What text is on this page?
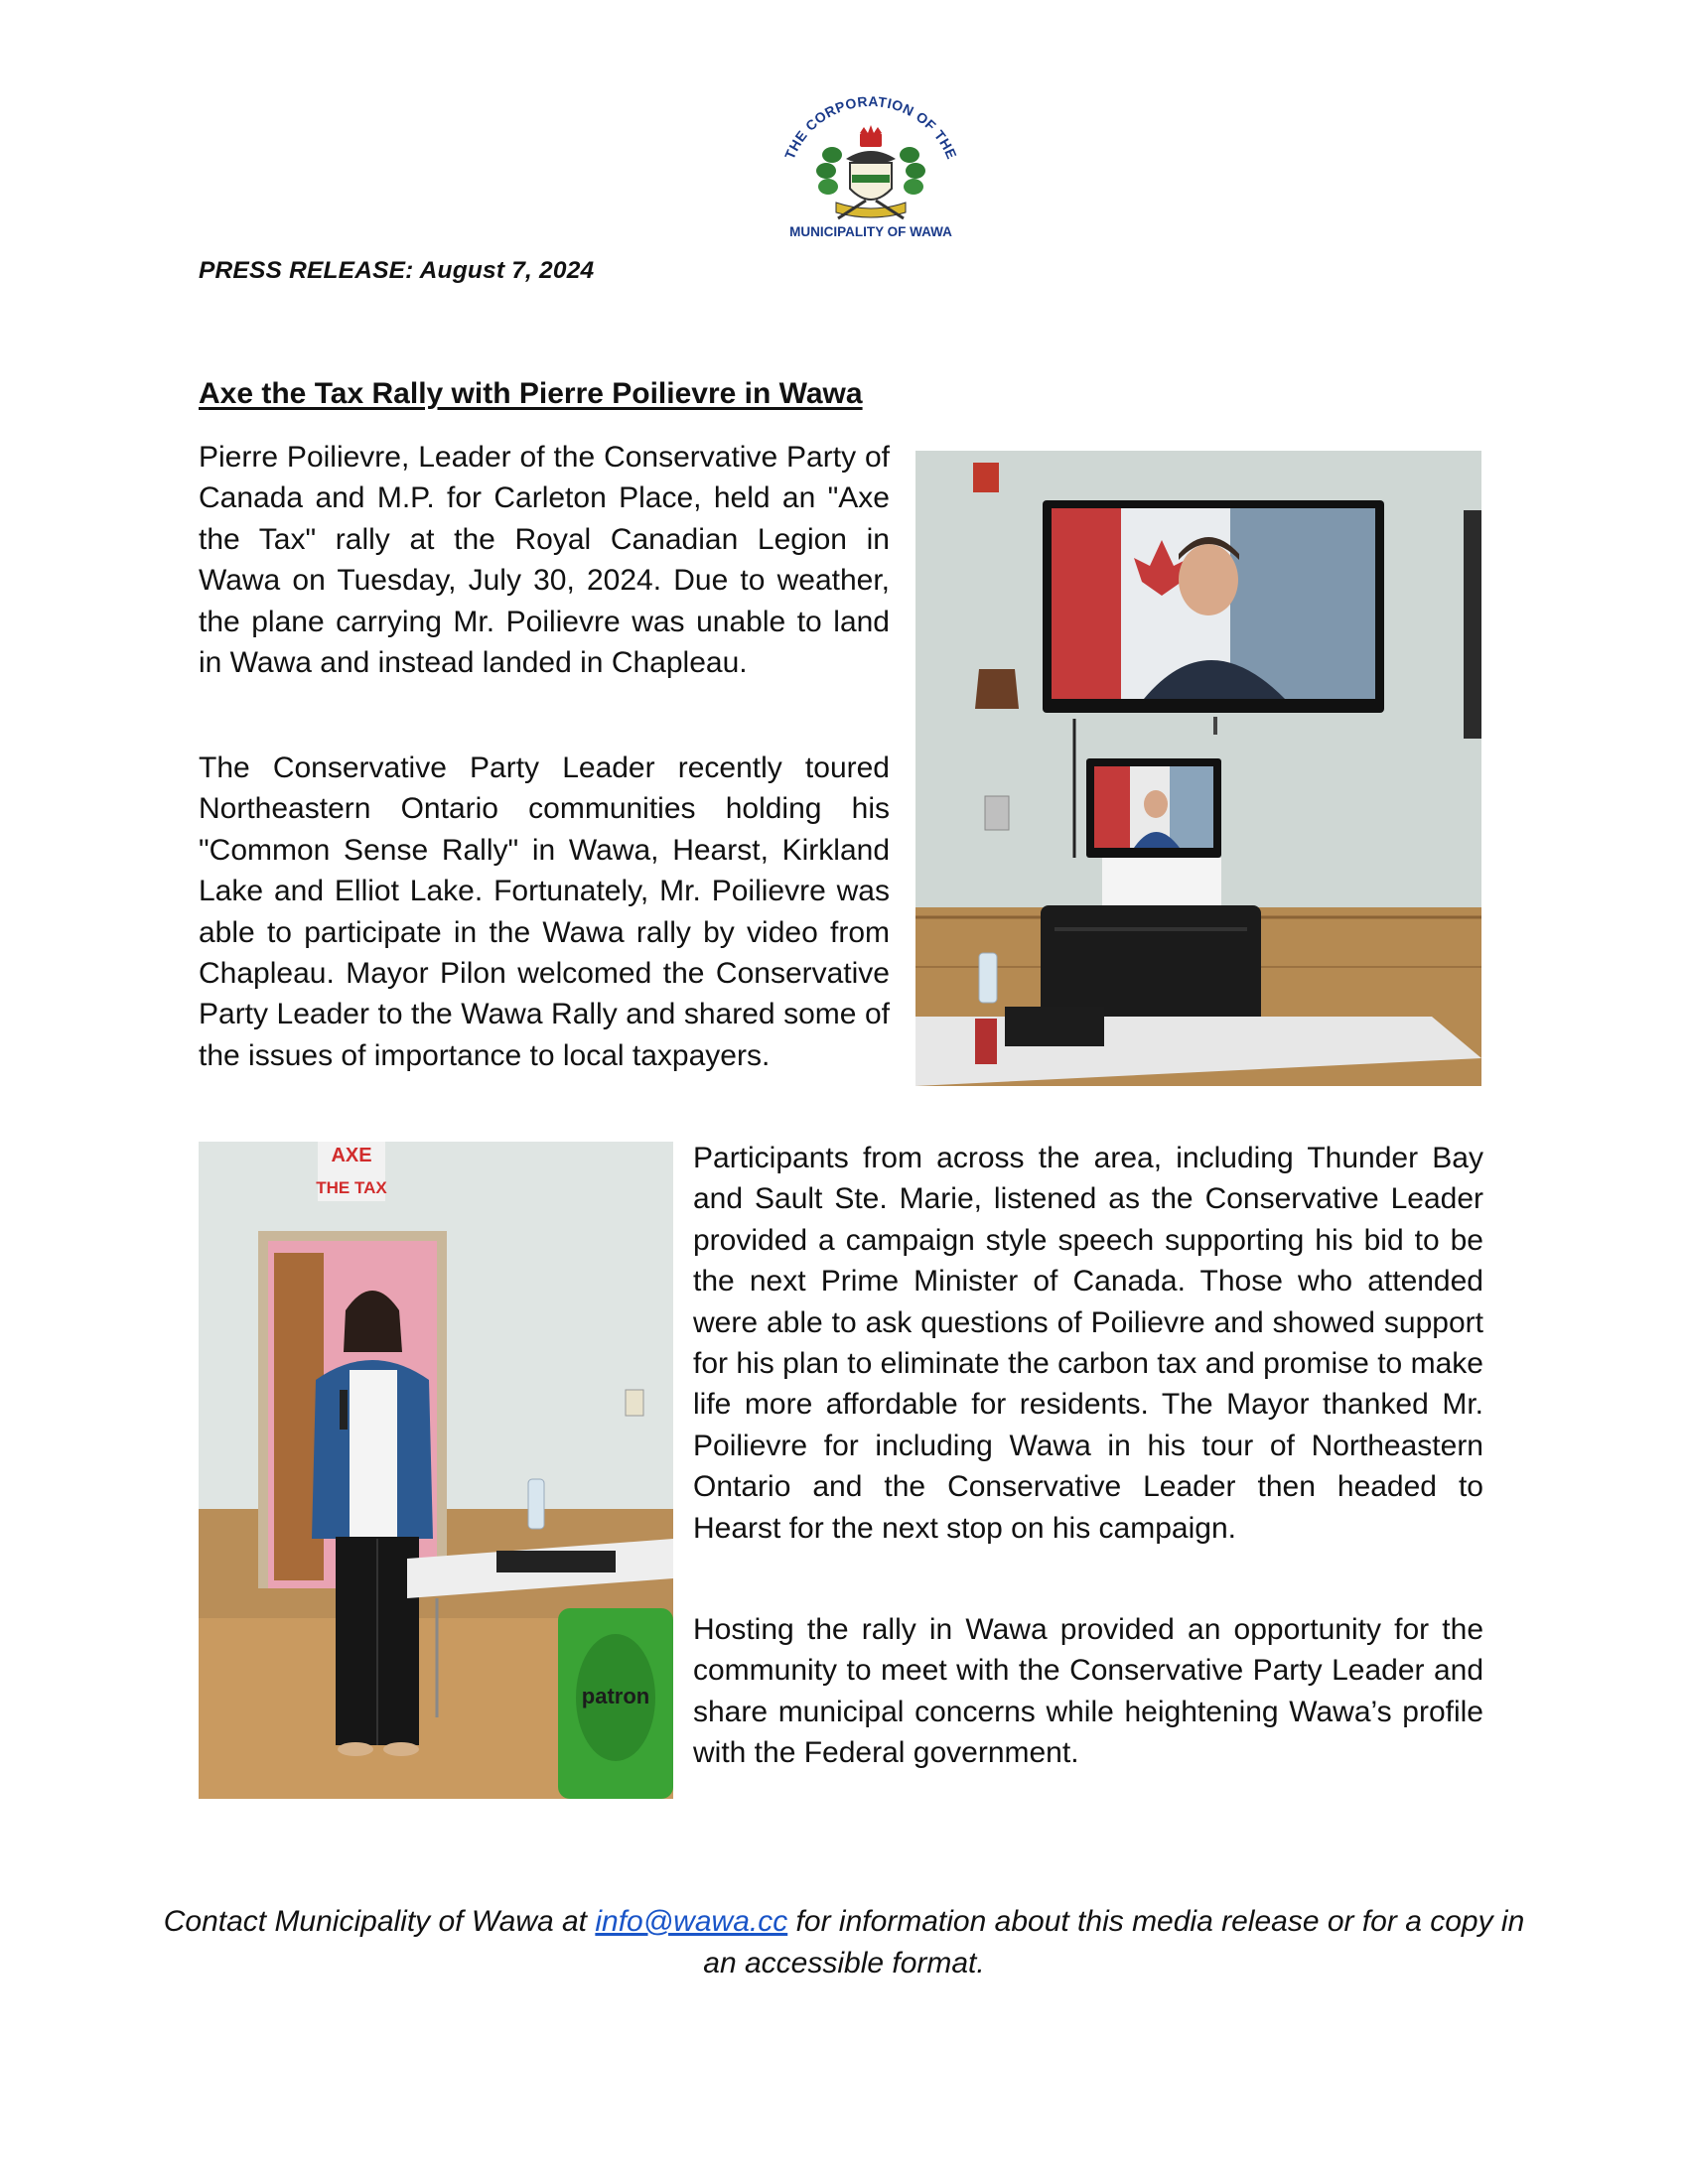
THE CORPORATION OF THE
MUNICIPALITY OF WAWA
PRESS RELEASE: August 7, 2024
Axe the Tax Rally with Pierre Poilievre in Wawa

Pierre Poilievre, Leader of the Conservative Party of Canada and M.P. for Carleton Place, held an "Axe the Tax" rally at the Royal Canadian Legion in Wawa on Tuesday, July 30, 2024. Due to weather, the plane carrying Mr. Poilievre was unable to land in Wawa and instead landed in Chapleau.

The Conservative Party Leader recently toured Northeastern Ontario communities holding his "Common Sense Rally" in Wawa, Hearst, Kirkland Lake and Elliot Lake. Fortunately, Mr. Poilievre was able to participate in the Wawa rally by video from Chapleau. Mayor Pilon welcomed the Conservative Party Leader to the Wawa Rally and shared some of the issues of importance to local taxpayers.

AXE
THE TAX
patron

Participants from across the area, including Thunder Bay and Sault Ste. Marie, listened as the Conservative Leader provided a campaign style speech supporting his bid to be the next Prime Minister of Canada. Those who attended were able to ask questions of Poilievre and showed support for his plan to eliminate the carbon tax and promise to make life more affordable for residents. The Mayor thanked Mr. Poilievre for including Wawa in his tour of Northeastern Ontario and the Conservative Leader then headed to Hearst for the next stop on his campaign.

Hosting the rally in Wawa provided an opportunity for the community to meet with the Conservative Party Leader and share municipal concerns while heightening Wawa’s profile with the Federal government.

Contact Municipality of Wawa at info@wawa.cc for information about this media release or for a copy in an accessible format.
